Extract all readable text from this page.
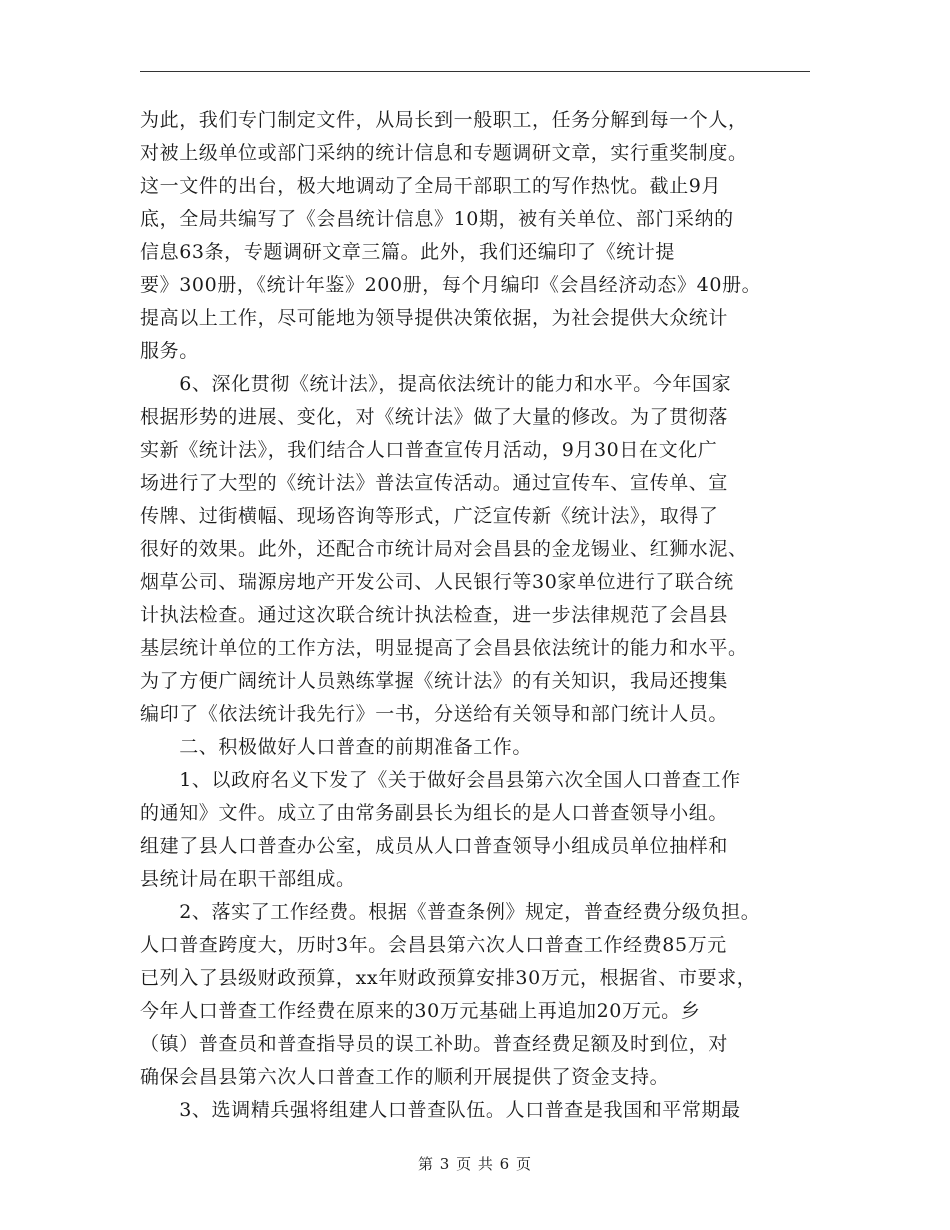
为此，我们专门制定文件，从局长到一般职工，任务分解到每一个人，
对被上级单位或部门采纳的统计信息和专题调研文章，实行重奖制度。
这一文件的出台，极大地调动了全局干部职工的写作热忱。截止9月
底，全局共编写了《会昌统计信息》10期，被有关单位、部门采纳的
信息63条，专题调研文章三篇。此外，我们还编印了《统计提
要》300册，《统计年鉴》200册，每个月编印《会昌经济动态》40册。
提高以上工作，尽可能地为领导提供决策依据，为社会提供大众统计
服务。
　　6、深化贯彻《统计法》，提高依法统计的能力和水平。今年国家
根据形势的进展、变化，对《统计法》做了大量的修改。为了贯彻落
实新《统计法》，我们结合人口普查宣传月活动，9月30日在文化广
场进行了大型的《统计法》普法宣传活动。通过宣传车、宣传单、宣
传牌、过街横幅、现场咨询等形式，广泛宣传新《统计法》，取得了
很好的效果。此外，还配合市统计局对会昌县的金龙锡业、红狮水泥、
烟草公司、瑞源房地产开发公司、人民银行等30家单位进行了联合统
计执法检查。通过这次联合统计执法检查，进一步法律规范了会昌县
基层统计单位的工作方法，明显提高了会昌县依法统计的能力和水平。
为了方便广阔统计人员熟练掌握《统计法》的有关知识，我局还搜集
编印了《依法统计我先行》一书，分送给有关领导和部门统计人员。
　　二、积极做好人口普查的前期准备工作。
　　1、以政府名义下发了《关于做好会昌县第六次全国人口普查工作
的通知》文件。成立了由常务副县长为组长的是人口普查领导小组。
组建了县人口普查办公室，成员从人口普查领导小组成员单位抽样和
县统计局在职干部组成。
　　2、落实了工作经费。根据《普查条例》规定，普查经费分级负担。
人口普查跨度大，历时3年。会昌县第六次人口普查工作经费85万元
已列入了县级财政预算，xx年财政预算安排30万元，根据省、市要求，
今年人口普查工作经费在原来的30万元基础上再追加20万元。乡
（镇）普查员和普查指导员的误工补助。普查经费足额及时到位，对
确保会昌县第六次人口普查工作的顺利开展提供了资金支持。
　　3、选调精兵强将组建人口普查队伍。人口普查是我国和平常期最
第 3 页 共 6 页
